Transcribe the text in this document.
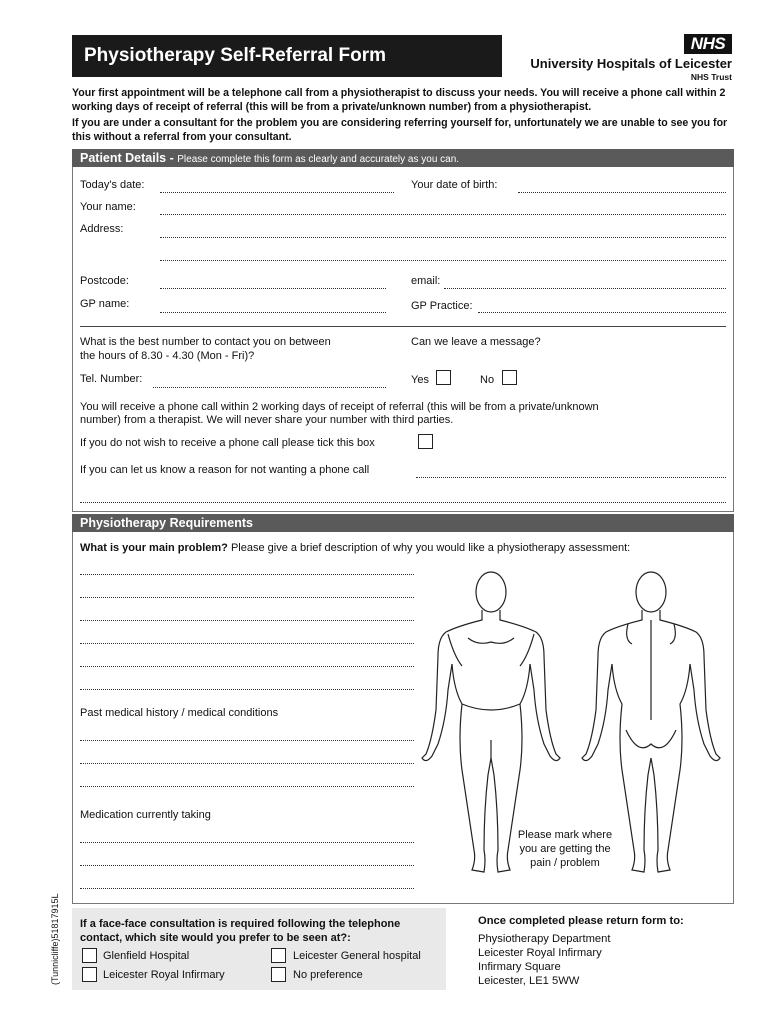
Physiotherapy Self-Referral Form
NHS
University Hospitals of Leicester
NHS Trust
Your first appointment will be a telephone call from a physiotherapist to discuss your needs. You will receive a phone call within 2 working days of receipt of referral (this will be from a private/unknown number) from a physiotherapist.
If you are under a consultant for the problem you are considering referring yourself for, unfortunately we are unable to see you for this without a referral from your consultant.
Patient Details - Please complete this form as clearly and accurately as you can.
Today's date:	Your date of birth:
Your name:
Address:
Postcode:	email:
GP name:	GP Practice:
What is the best number to contact you on between
the hours of 8.30 - 4.30 (Mon - Fri)?
Can we leave a message?
Tel. Number:	Yes	No
You will receive a phone call within 2 working days of receipt of referral (this will be from a private/unknown
number) from a therapist. We will never share your number with third parties.
If you do not wish to receive a phone call please tick this box
If you can let us know a reason for not wanting a phone call
Physiotherapy Requirements
What is your main problem? Please give a brief description of why you would like a physiotherapy assessment:
Past medical history / medical conditions
Medication currently taking
Please mark where
you are getting the
pain / problem
If a face-face consultation is required following the telephone
contact, which site would you prefer to be seen at?:
Glenfield Hospital	Leicester General hospital
Leicester Royal Infirmary	No preference
Once completed please return form to:
Physiotherapy Department
Leicester Royal Infirmary
Infirmary Square
Leicester, LE1 5WW
(Tunnicliffe)51817915L
